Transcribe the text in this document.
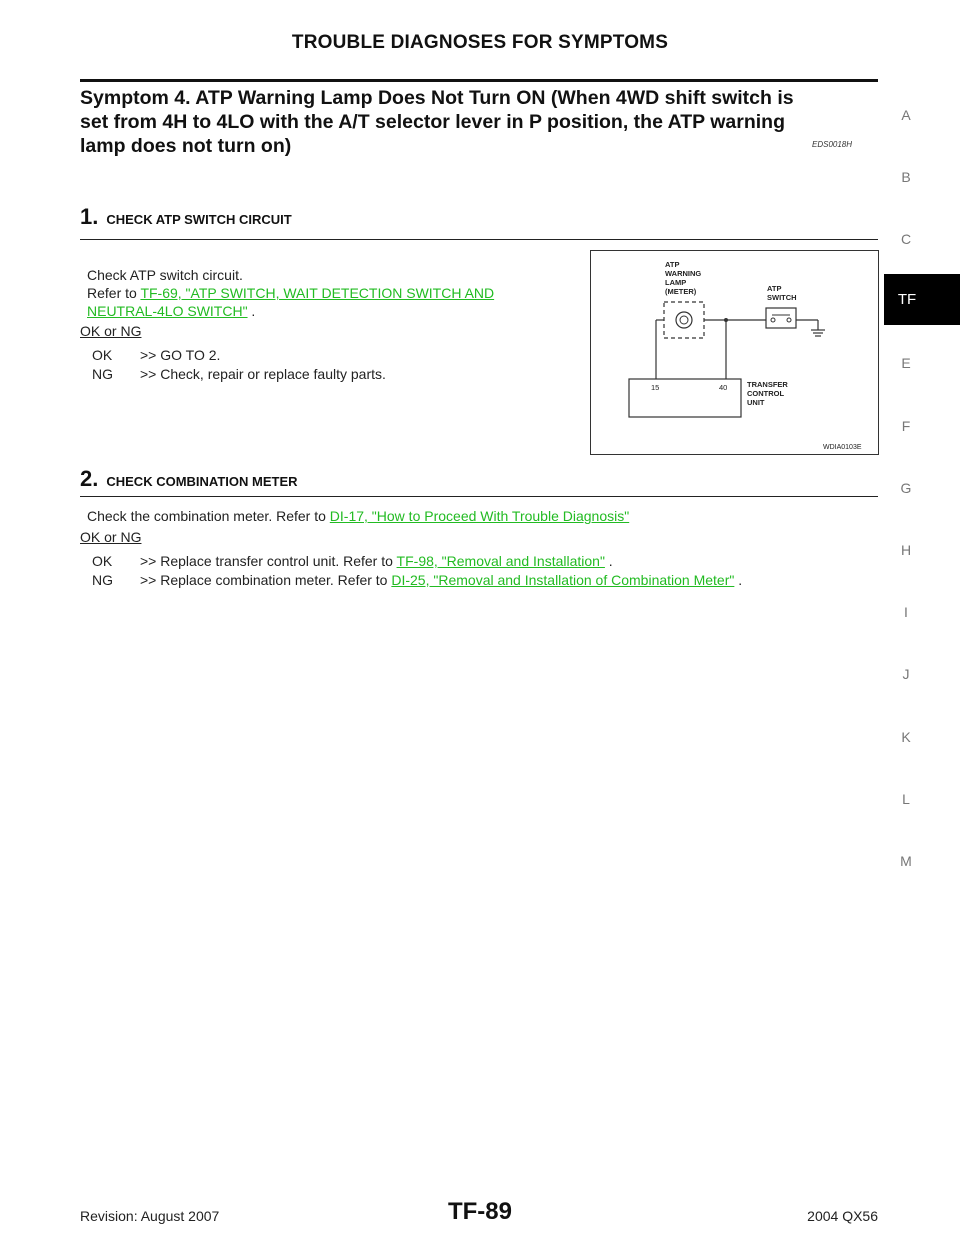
TROUBLE DIAGNOSES FOR SYMPTOMS
Symptom 4. ATP Warning Lamp Does Not Turn ON (When 4WD shift switch is
set from 4H to 4LO with the A/T selector lever in P position, the ATP warning
lamp does not turn on)	EDS0018H
1. CHECK ATP SWITCH CIRCUIT
Check ATP switch circuit.
Refer to TF-69, "ATP SWITCH, WAIT DETECTION SWITCH AND
NEUTRAL-4LO SWITCH" .
OK or NG
OK >> GO TO 2.
NG >> Check, repair or replace faulty parts.
ATP
WARNING
LAMP
(METER)	ATP
SWITCH
TRANSFER
CONTROL
UNIT
15	40
WDIA0103E
2. CHECK COMBINATION METER
Check the combination meter. Refer to DI-17, "How to Proceed With Trouble Diagnosis"
OK or NG
OK >> Replace transfer control unit. Refer to TF-98, "Removal and Installation" .
NG >> Replace combination meter. Refer to DI-25, "Removal and Installation of Combination Meter" .
A
B
C
E
F
G
H
I
J
K
L
M
TF
Revision: August 2007	TF-89	2004 QX56
